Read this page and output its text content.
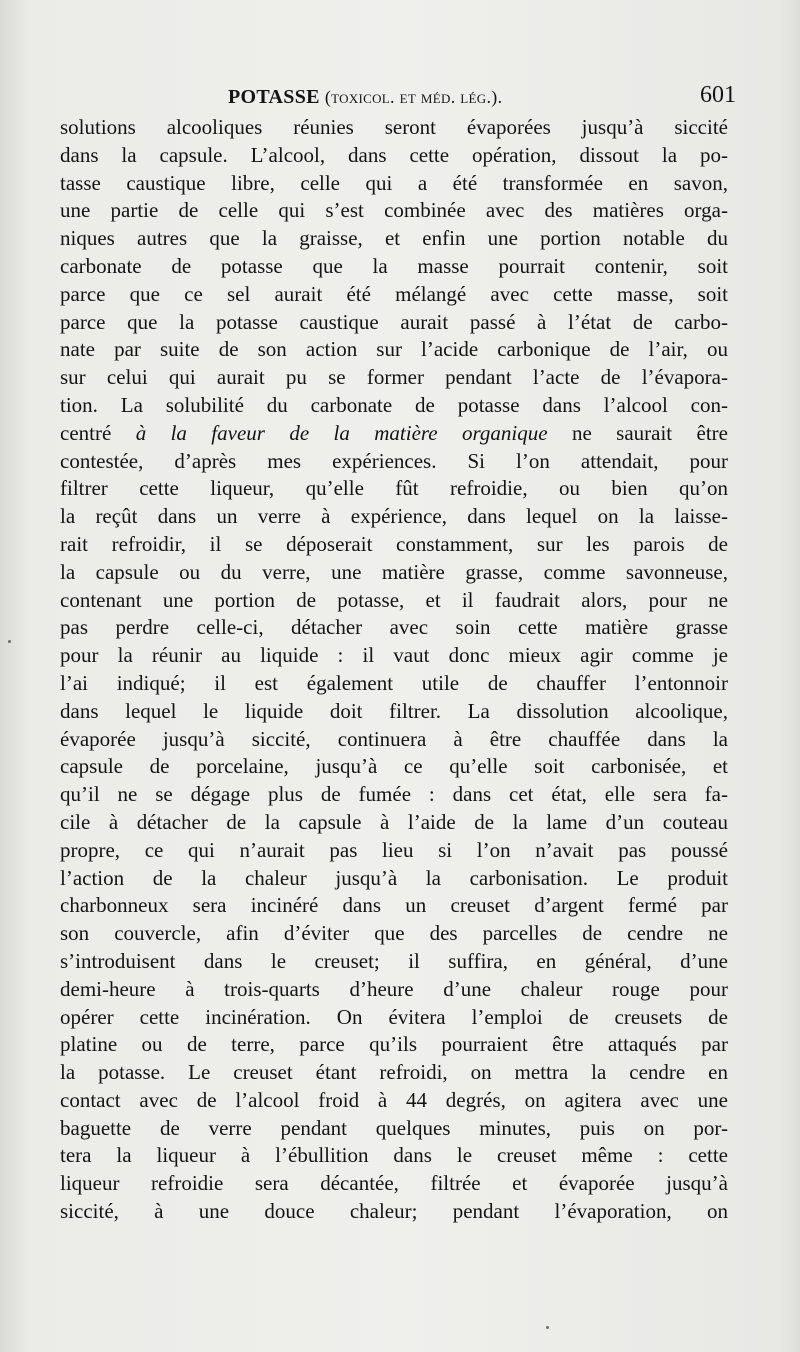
POTASSE (toxicol. et méd. lég.).	601
solutions alcooliques réunies seront évaporées jusqu’à siccité
dans la capsule. L’alcool, dans cette opération, dissout la po-
tasse caustique libre, celle qui a été transformée en savon,
une partie de celle qui s’est combinée avec des matières orga-
niques autres que la graisse, et enfin une portion notable du
carbonate de potasse que la masse pourrait contenir, soit
parce que ce sel aurait été mélangé avec cette masse, soit
parce que la potasse caustique aurait passé à l’état de carbo-
nate par suite de son action sur l’acide carbonique de l’air, ou
sur celui qui aurait pu se former pendant l’acte de l’évapora-
tion. La solubilité du carbonate de potasse dans l’alcool con-
centré à la faveur de la matière organique ne saurait être
contestée, d’après mes expériences. Si l’on attendait, pour
filtrer cette liqueur, qu’elle fût refroidie, ou bien qu’on
la reçût dans un verre à expérience, dans lequel on la laisse-
rait refroidir, il se déposerait constamment, sur les parois de
la capsule ou du verre, une matière grasse, comme savonneuse,
contenant une portion de potasse, et il faudrait alors, pour ne
pas perdre celle-ci, détacher avec soin cette matière grasse
pour la réunir au liquide : il vaut donc mieux agir comme je
l’ai indiqué; il est également utile de chauffer l’entonnoir
dans lequel le liquide doit filtrer. La dissolution alcoolique,
évaporée jusqu’à siccité, continuera à être chauffée dans la
capsule de porcelaine, jusqu’à ce qu’elle soit carbonisée, et
qu’il ne se dégage plus de fumée : dans cet état, elle sera fa-
cile à détacher de la capsule à l’aide de la lame d’un couteau
propre, ce qui n’aurait pas lieu si l’on n’avait pas poussé
l’action de la chaleur jusqu’à la carbonisation. Le produit
charbonneux sera incinéré dans un creuset d’argent fermé par
son couvercle, afin d’éviter que des parcelles de cendre ne
s’introduisent dans le creuset; il suffira, en général, d’une
demi-heure à trois-quarts d’heure d’une chaleur rouge pour
opérer cette incinération. On évitera l’emploi de creusets de
platine ou de terre, parce qu’ils pourraient être attaqués par
la potasse. Le creuset étant refroidi, on mettra la cendre en
contact avec de l’alcool froid à 44 degrés, on agitera avec une
baguette de verre pendant quelques minutes, puis on por-
tera la liqueur à l’ébullition dans le creuset même : cette
liqueur refroidie sera décantée, filtrée et évaporée jusqu’à
siccité, à une douce chaleur; pendant l’évaporation, on
